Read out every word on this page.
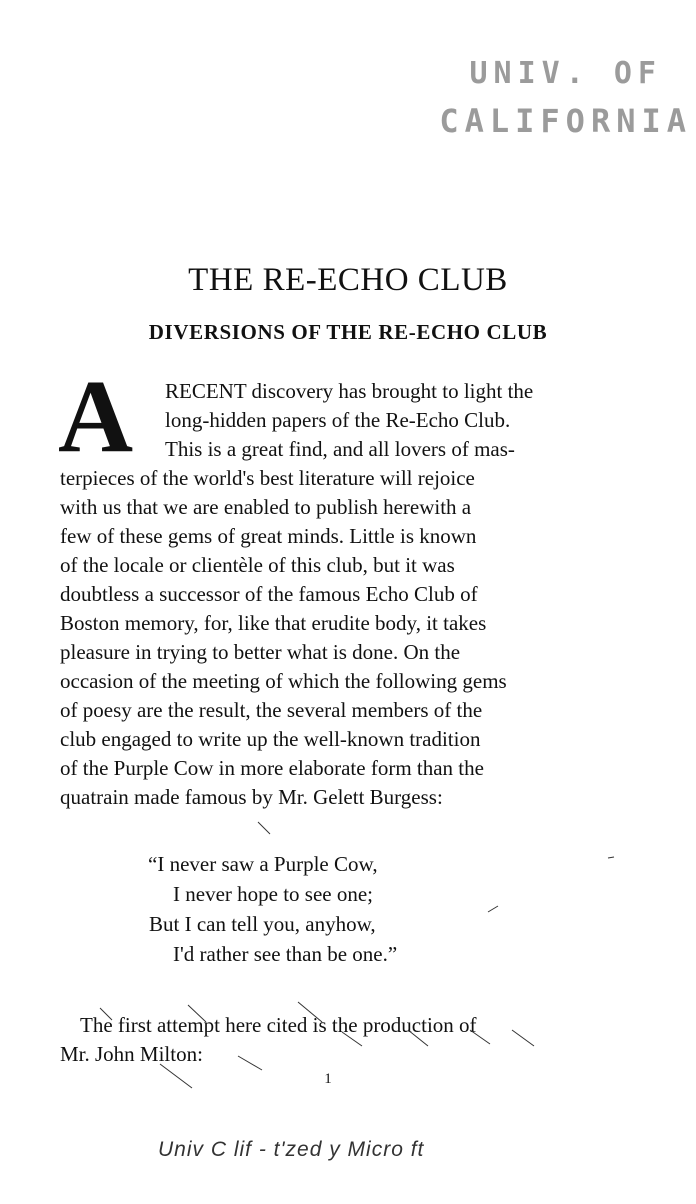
UNIV. OF
CALIFORNIA
THE RE-ECHO CLUB
DIVERSIONS OF THE RE-ECHO CLUB
A RECENT discovery has brought to light the
long-hidden papers of the Re-Echo Club.
This is a great find, and all lovers of mas-
terpieces of the world's best literature will rejoice
with us that we are enabled to publish herewith a
few of these gems of great minds. Little is known
of the locale or clientèle of this club, but it was
doubtless a successor of the famous Echo Club of
Boston memory, for, like that erudite body, it takes
pleasure in trying to better what is done. On the
occasion of the meeting of which the following gems
of poesy are the result, the several members of the
club engaged to write up the well-known tradition
of the Purple Cow in more elaborate form than the
quatrain made famous by Mr. Gelett Burgess:
“I never saw a Purple Cow,
I never hope to see one;
But I can tell you, anyhow,
I'd rather see than be one.”
The first attempt here cited is the production of
Mr. John Milton:
1
Univ C lif - t'zed y Micro ft
